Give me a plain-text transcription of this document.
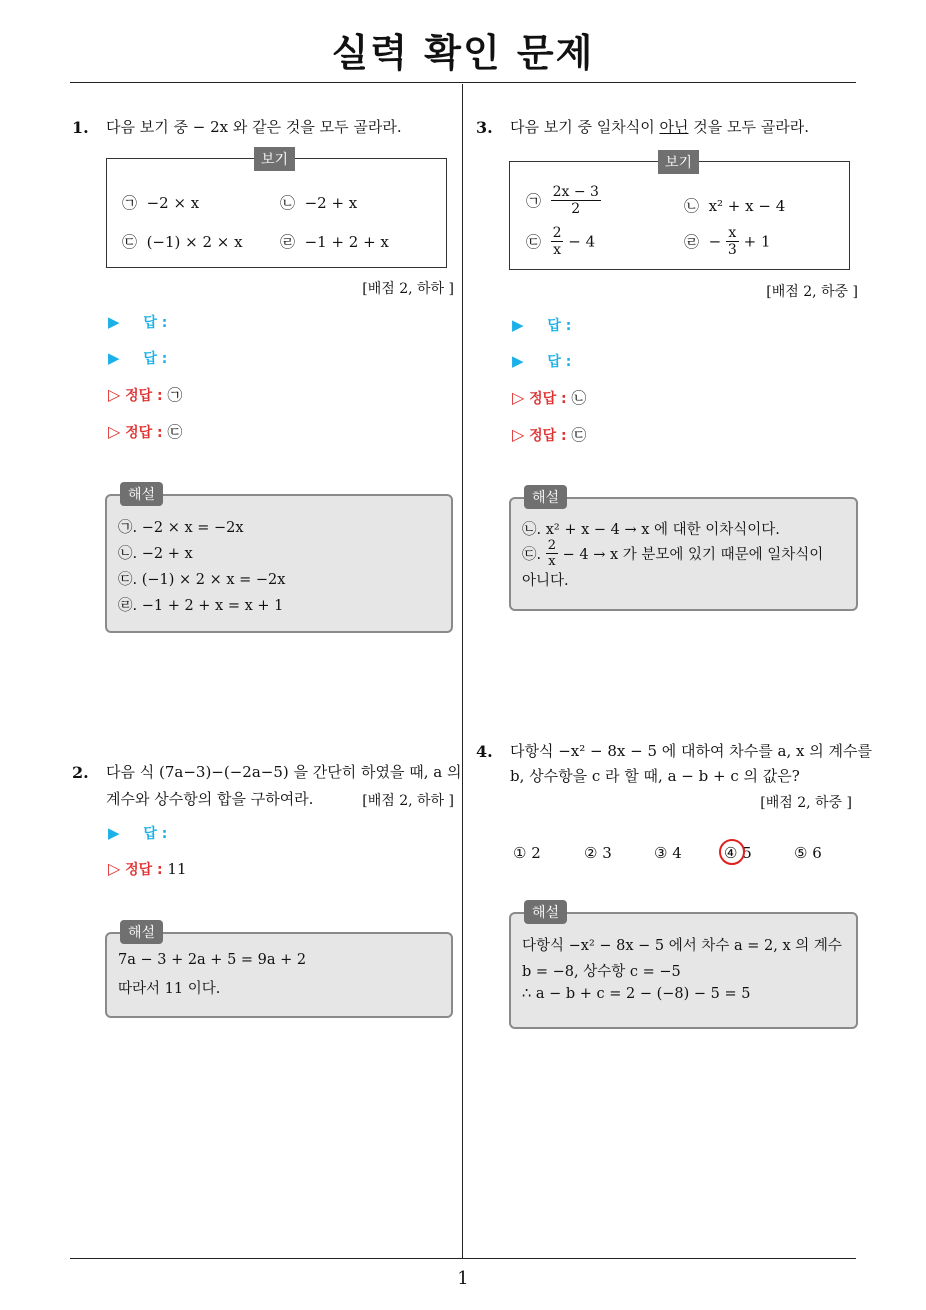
실력 확인 문제
1. 다음 보기 중 − 2x 와 같은 것을 모두 골라라.
보기
㉠ −2 × x	㉡ −2 + x
㉢ (−1) × 2 × x ㉣ −1 + 2 + x
[배점 2, 하하 ]
▶ 답 :
▶ 답 :
▷ 정답 : ㉠
▷ 정답 : ㉢
해설
㉠. −2 × x = −2x
㉡. −2 + x
㉢. (−1) × 2 × x = −2x
㉣. −1 + 2 + x = x + 1
2. 다음 식 (7a−3)−(−2a−5) 을 간단히 하였을 때, a 의
계수와 상수항의 합을 구하여라.	[배점 2, 하하 ]
▶ 답 :
▷ 정답 : 11
해설
7a − 3 + 2a + 5 = 9a + 2
따라서 11 이다.
3. 다음 보기 중 일차식이 아닌 것을 모두 골라라.
보기
㉠ $\frac{2x - 3}{2}$	㉡ x² + x − 4
㉢ $\frac{2}{x} - 4$	㉣ − $\frac{x}{3} + 1$
[배점 2, 하중 ]
▶ 답 :
▶ 답 :
▷ 정답 : ㉡
▷ 정답 : ㉢
해설
㉡. x² + x − 4 → x 에 대한 이차식이다.
㉢. $\frac{2}{x} - 4 \to x$ 가 분모에 있기 때문에 일차식이
아니다.
4. 다항식 −x² − 8x − 5 에 대하여 차수를 a, x 의 계수를
b, 상수항을 c 라 할 때, a − b + c 의 값은?
[배점 2, 하중 ]
① 2	② 3	③ 4	④ 5	⑤ 6
해설
다항식 −x² − 8x − 5 에서 차수 a = 2, x 의 계수
b = −8, 상수항 c = −5
∴ a − b + c = 2 − (−8) − 5 = 5
1
